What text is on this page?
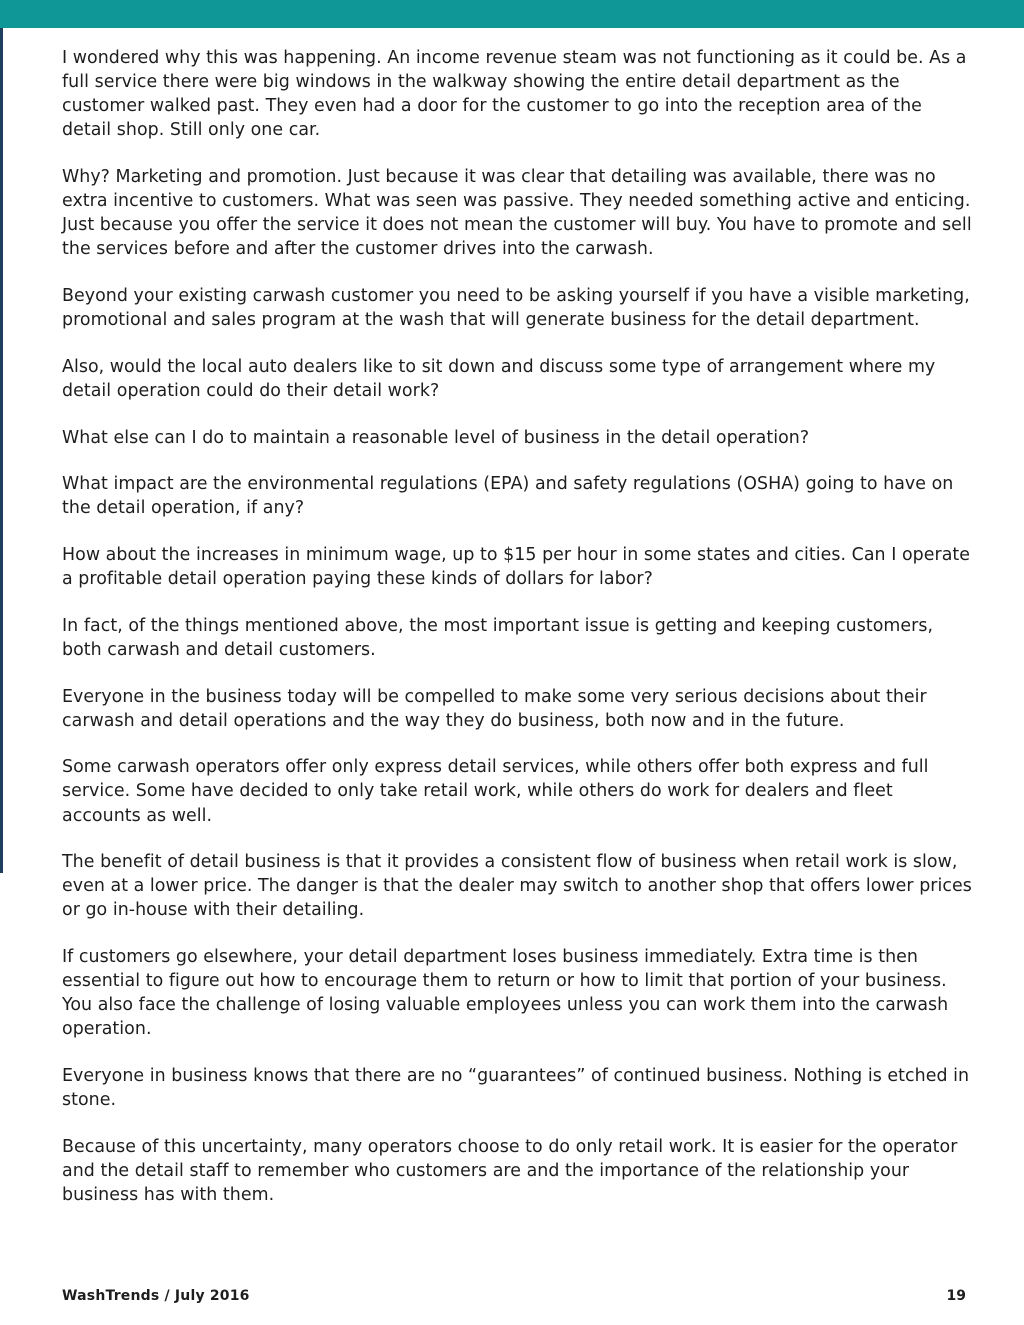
I wondered why this was happening. An income revenue steam was not functioning as it could be. As a full service there were big windows in the walkway showing the entire detail department as the customer walked past. They even had a door for the customer to go into the reception area of the detail shop. Still only one car.

Why? Marketing and promotion. Just because it was clear that detailing was available, there was no extra incentive to customers. What was seen was passive. They needed something active and enticing. Just because you offer the service it does not mean the customer will buy. You have to promote and sell the services before and after the customer drives into the carwash.

Beyond your existing carwash customer you need to be asking yourself if you have a visible marketing, promotional and sales program at the wash that will generate business for the detail department.

Also, would the local auto dealers like to sit down and discuss some type of arrangement where my detail operation could do their detail work?

What else can I do to maintain a reasonable level of business in the detail operation?

What impact are the environmental regulations (EPA) and safety regulations (OSHA) going to have on the detail operation, if any?

How about the increases in minimum wage, up to $15 per hour in some states and cities. Can I operate a profitable detail operation paying these kinds of dollars for labor?

In fact, of the things mentioned above, the most important issue is getting and keeping customers, both carwash and detail customers.

Everyone in the business today will be compelled to make some very serious decisions about their carwash and detail operations and the way they do business, both now and in the future.

Some carwash operators offer only express detail services, while others offer both express and full service. Some have decided to only take retail work, while others do work for dealers and fleet accounts as well.

The benefit of detail business is that it provides a consistent flow of business when retail work is slow, even at a lower price. The danger is that the dealer may switch to another shop that offers lower prices or go in-house with their detailing.

If customers go elsewhere, your detail department loses business immediately. Extra time is then essential to figure out how to encourage them to return or how to limit that portion of your business. You also face the challenge of losing valuable employees unless you can work them into the carwash operation.

Everyone in business knows that there are no “guarantees” of continued business. Nothing is etched in stone.

Because of this uncertainty, many operators choose to do only retail work. It is easier for the operator and the detail staff to remember who customers are and the importance of the relationship your business has with them.

WashTrends / July 2016	19
